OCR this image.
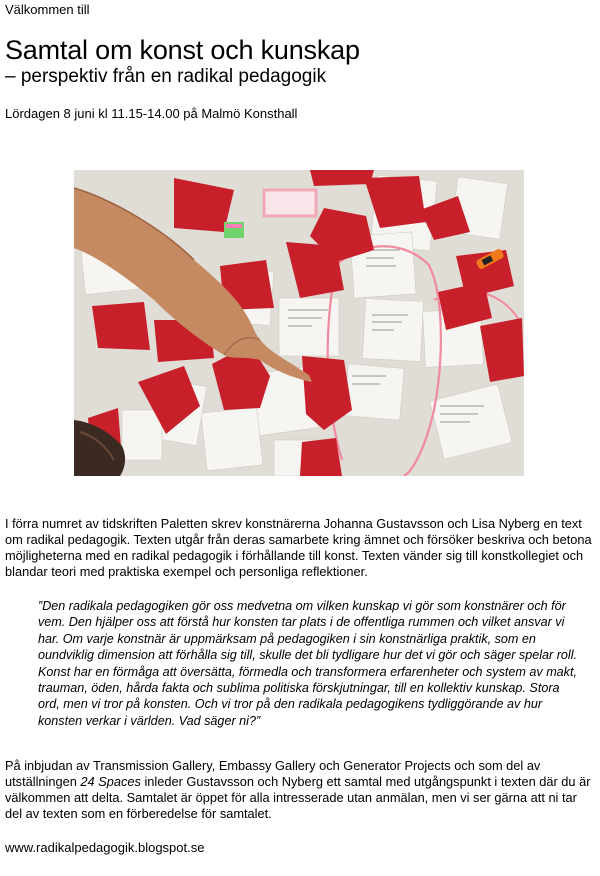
Välkommen till

Samtal om konst och kunskap
– perspektiv från en radikal pedagogik

Lördagen 8 juni kl 11.15-14.00 på Malmö Konsthall

I förra numret av tidskriften Paletten skrev konstnärerna Johanna Gustavsson och Lisa Nyberg en text om radikal pedagogik. Texten utgår från deras samarbete kring ämnet och försöker beskriva och betona möjligheterna med en radikal pedagogik i förhållande till konst. Texten vänder sig till konstkollegiet och blandar teori med praktiska exempel och personliga reflektioner.

”Den radikala pedagogiken gör oss medvetna om vilken kunskap vi gör som konstnärer och för vem. Den hjälper oss att förstå hur konsten tar plats i de offentliga rummen och vilket ansvar vi har. Om varje konstnär är uppmärksam på pedagogiken i sin konstnärliga praktik, som en oundviklig dimension att förhålla sig till, skulle det bli tydligare hur det vi gör och säger spelar roll. Konst har en förmåga att översätta, förmedla och transformera erfarenheter och system av makt, trauman, öden, hårda fakta och sublima politiska förskjutningar, till en kollektiv kunskap. Stora ord, men vi tror på konsten. Och vi tror på den radikala pedagogikens tydliggörande av hur konsten verkar i världen. Vad säger ni?”

På inbjudan av Transmission Gallery, Embassy Gallery och Generator Projects och som del av utställningen 24 Spaces inleder Gustavsson och Nyberg ett samtal med utgångspunkt i texten där du är välkommen att delta. Samtalet är öppet för alla intresserade utan anmälan, men vi ser gärna att ni tar del av texten som en förberedelse för samtalet.

www.radikalpedagogik.blogspot.se
